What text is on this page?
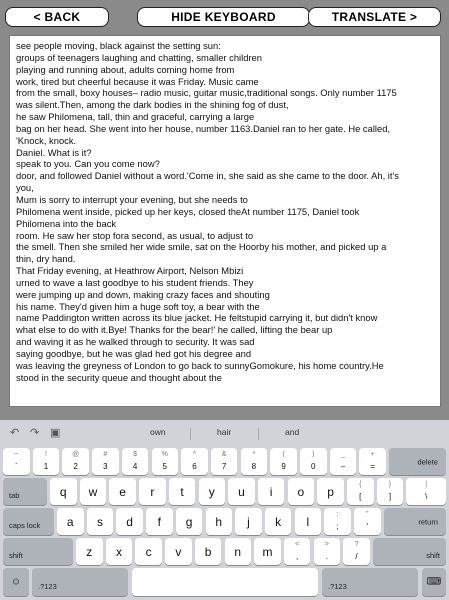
< BACK	HIDE KEYBOARD	TRANSLATE >
see people moving, black against the setting sun:
groups of teenagers laughing and chatting, smaller children
playing and running about, adults coming home from
work, tired but cheerful because it was Friday. Music came
from the small, boxy houses– radio music, guitar music,traditional songs. Only number 1175
was silent.Then, among the dark bodies in the shining fog of dust,
he saw Philomena, tall, thin and graceful, carrying a large
bag on her head. She went into her house, number 1163.Daniel ran to her gate. He called,
'Knock, knock.
Daniel. What is it?
speak to you. Can you come now?
door, and followed Daniel without a word.'Come in, she said as she came to the door. Ah, it's
you,
Mum is sorry to interrupt your evening, but she needs to
Philomena went inside, picked up her keys, closed theAt number 1175, Daniel took
Philomena into the back
room. He saw her stop fora second, as usual, to adjust to
the smell. Then she smiled her wide smile, sat on the Hoorby his mother, and picked up a
thin, dry hand.
That Friday evening, at Heathrow Airport, Nelson Mbizi
urned to wave a last goodbye to his student friends. They
were jumping up and down, making crazy faces and shouting
his name. They'd given him a huge soft toy, a bear with the
name Paddington written across its blue jacket. He feltstupid carrying it, but didn't know
what else to do with it.Bye! Thanks for the bear!' he called, lifting the bear up
and waving it as he walked through to security. It was sad
saying goodbye, but he was glad hed got his degree and
was leaving the greyness of London to go back to sunnyGomokure, his home country.He
stood in the security queue and thought about the
↶ ↷ ▣	own	hair	and
~
`
!
1
@
2
#
3
$
4
%
5
^
6
&
7
*
8
(
9
)
0
_
–
+
=
delete
tab	q	w	e	r	t	y	u	i	o	p	{
[
}
]
|
\
caps lock	a	s	d	f	g	h	j	k	l	:
;
"
'
return
shift	z	x	c	v	b	n	m	<
,
>
.
?
/	shift
☺	.?123	.?123	⌨
